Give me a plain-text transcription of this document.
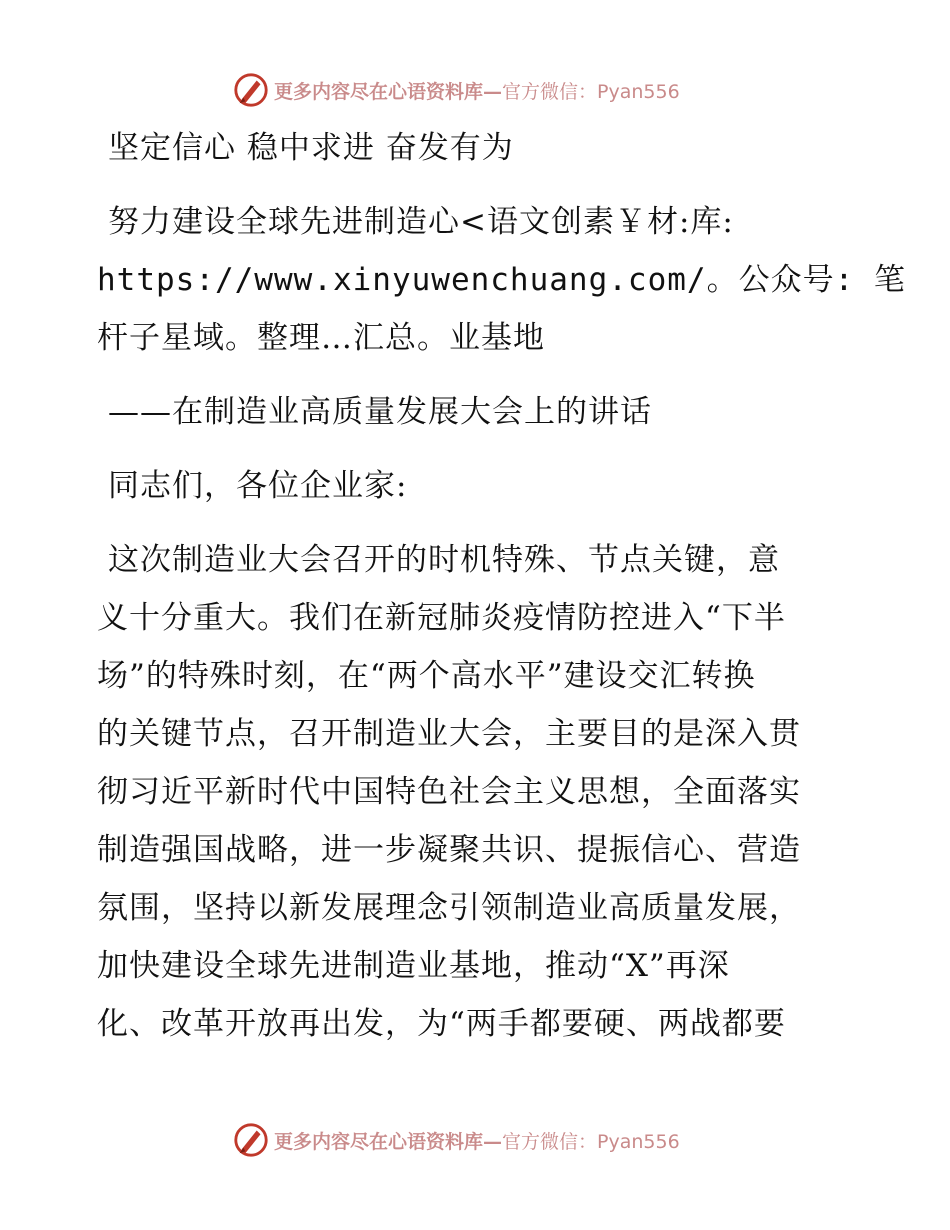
更多内容尽在心语资料库— 官方微信：Pyan556
坚定信心 稳中求进 奋发有为
努力建设全球先进制造心<语文创素￥材:库:
https://www.xinyuwenchuang.com/。公众号: 笔
杆子星域。整理…汇总。业基地
——在制造业高质量发展大会上的讲话
同志们，各位企业家:
这次制造业大会召开的时机特殊、节点关键，意
义十分重大。我们在新冠肺炎疫情防控进入“下半
场”的特殊时刻，在“两个高水平”建设交汇转换
的关键节点，召开制造业大会，主要目的是深入贯
彻习近平新时代中国特色社会主义思想，全面落实
制造强国战略，进一步凝聚共识、提振信心、营造
氛围，坚持以新发展理念引领制造业高质量发展，
加快建设全球先进制造业基地，推动“X”再深
化、改革开放再出发，为“两手都要硬、两战都要
更多内容尽在心语资料库— 官方微信：Pyan556
